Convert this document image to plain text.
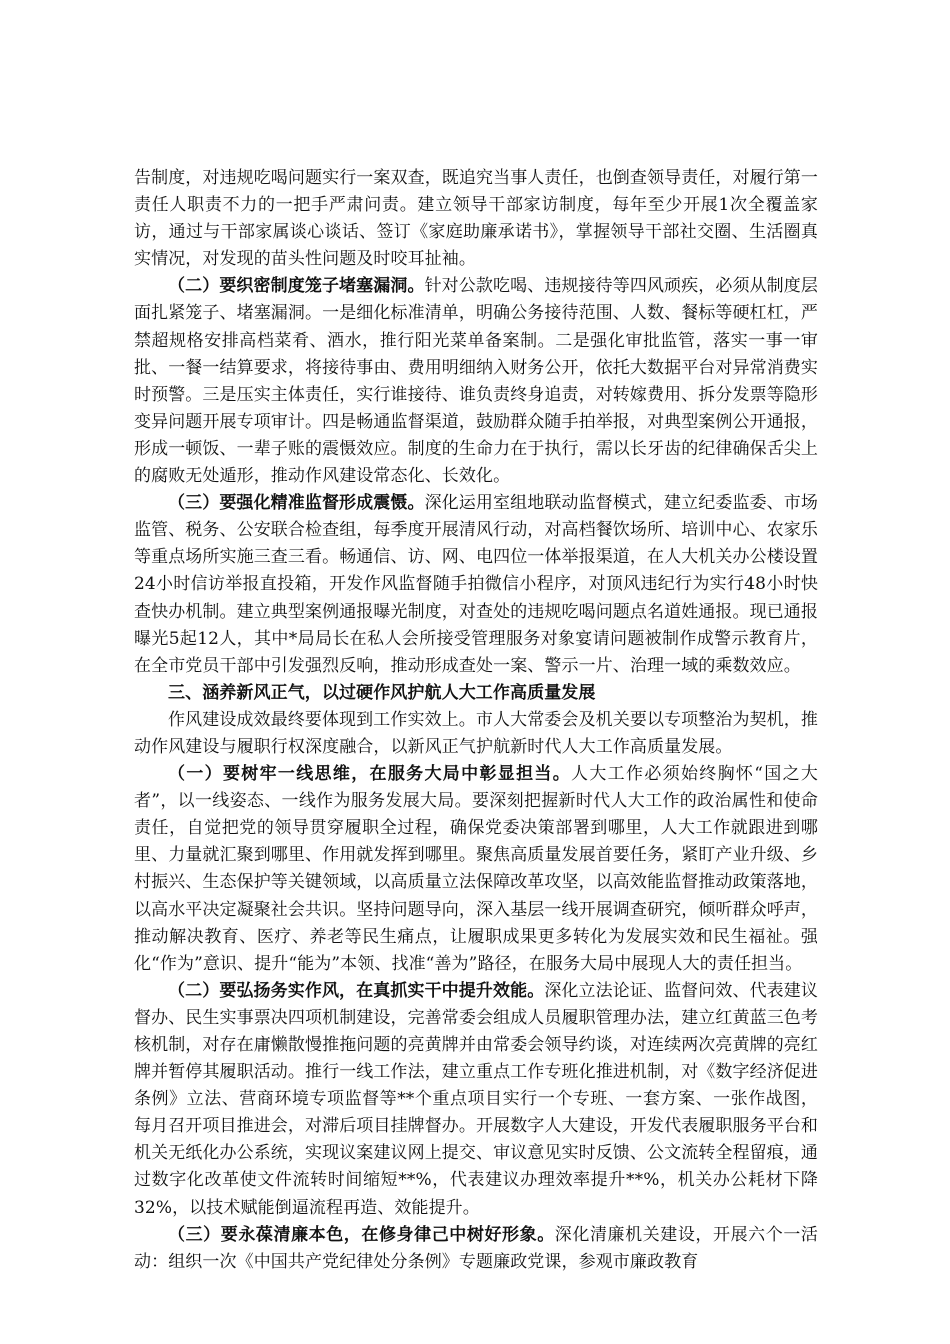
告制度，对违规吃喝问题实行一案双查，既追究当事人责任，也倒查领导责任，对履行第一责任人职责不力的一把手严肃问责。建立领导干部家访制度，每年至少开展1次全覆盖家访，通过与干部家属谈心谈话、签订《家庭助廉承诺书》，掌握领导干部社交圈、生活圈真实情况，对发现的苗头性问题及时咬耳扯袖。

（二）要织密制度笼子堵塞漏洞。针对公款吃喝、违规接待等四风顽疾，必须从制度层面扎紧笼子、堵塞漏洞。一是细化标准清单，明确公务接待范围、人数、餐标等硬杠杠，严禁超规格安排高档菜肴、酒水，推行阳光菜单备案制。二是强化审批监管，落实一事一审批、一餐一结算要求，将接待事由、费用明细纳入财务公开，依托大数据平台对异常消费实时预警。三是压实主体责任，实行谁接待、谁负责终身追责，对转嫁费用、拆分发票等隐形变异问题开展专项审计。四是畅通监督渠道，鼓励群众随手拍举报，对典型案例公开通报，形成一顿饭、一辈子账的震慑效应。制度的生命力在于执行，需以长牙齿的纪律确保舌尖上的腐败无处遁形，推动作风建设常态化、长效化。

（三）要强化精准监督形成震慑。深化运用室组地联动监督模式，建立纪委监委、市场监管、税务、公安联合检查组，每季度开展清风行动，对高档餐饮场所、培训中心、农家乐等重点场所实施三查三看。畅通信、访、网、电四位一体举报渠道，在人大机关办公楼设置24小时信访举报直投箱，开发作风监督随手拍微信小程序，对顶风违纪行为实行48小时快查快办机制。建立典型案例通报曝光制度，对查处的违规吃喝问题点名道姓通报。现已通报曝光5起12人，其中*局局长在私人会所接受管理服务对象宴请问题被制作成警示教育片，在全市党员干部中引发强烈反响，推动形成查处一案、警示一片、治理一域的乘数效应。

三、涵养新风正气，以过硬作风护航人大工作高质量发展

作风建设成效最终要体现到工作实效上。市人大常委会及机关要以专项整治为契机，推动作风建设与履职行权深度融合，以新风正气护航新时代人大工作高质量发展。

（一）要树牢一线思维，在服务大局中彰显担当。人大工作必须始终胸怀“国之大者”，以一线姿态、一线作为服务发展大局。要深刻把握新时代人大工作的政治属性和使命责任，自觉把党的领导贯穿履职全过程，确保党委决策部署到哪里，人大工作就跟进到哪里、力量就汇聚到哪里、作用就发挥到哪里。聚焦高质量发展首要任务，紧盯产业升级、乡村振兴、生态保护等关键领域，以高质量立法保障改革攻坚，以高效能监督推动政策落地，以高水平决定凝聚社会共识。坚持问题导向，深入基层一线开展调查研究，倾听群众呼声，推动解决教育、医疗、养老等民生痛点，让履职成果更多转化为发展实效和民生福祉。强化“作为”意识、提升“能为”本领、找准“善为”路径，在服务大局中展现人大的责任担当。

（二）要弘扬务实作风，在真抓实干中提升效能。深化立法论证、监督问效、代表建议督办、民生实事票决四项机制建设，完善常委会组成人员履职管理办法，建立红黄蓝三色考核机制，对存在庸懒散慢推拖问题的亮黄牌并由常委会领导约谈，对连续两次亮黄牌的亮红牌并暂停其履职活动。推行一线工作法，建立重点工作专班化推进机制，对《数字经济促进条例》立法、营商环境专项监督等**个重点项目实行一个专班、一套方案、一张作战图，每月召开项目推进会，对滞后项目挂牌督办。开展数字人大建设，开发代表履职服务平台和机关无纸化办公系统，实现议案建议网上提交、审议意见实时反馈、公文流转全程留痕，通过数字化改革使文件流转时间缩短**%，代表建议办理效率提升**%，机关办公耗材下降32%，以技术赋能倒逼流程再造、效能提升。

（三）要永葆清廉本色，在修身律己中树好形象。深化清廉机关建设，开展六个一活动：组织一次《中国共产党纪律处分条例》专题廉政党课，参观市廉政教育
